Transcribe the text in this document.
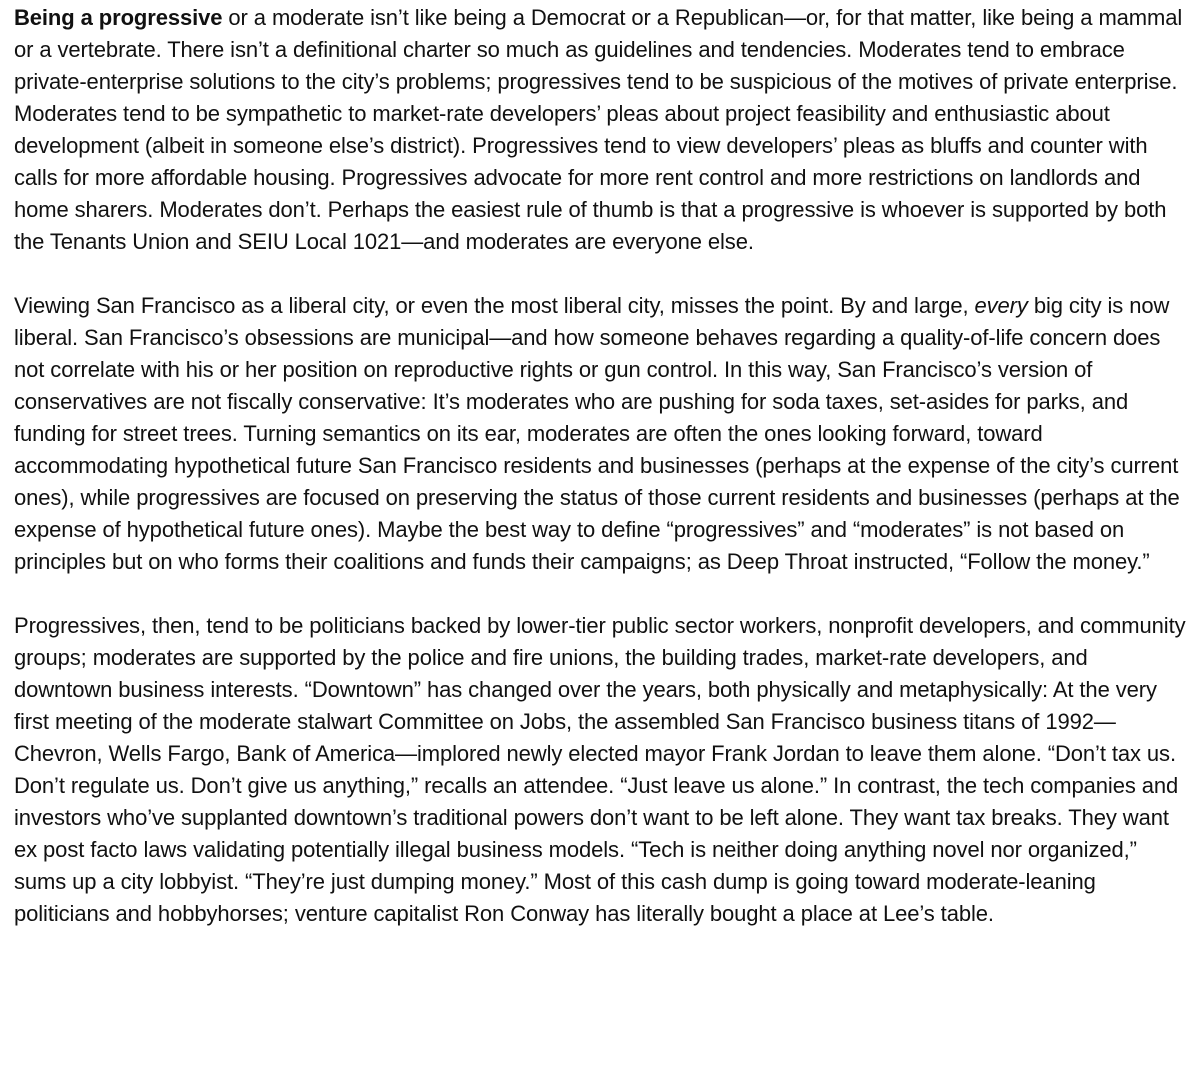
Being a progressive or a moderate isn’t like being a Democrat or a Republican—or, for that matter, like being a mammal or a vertebrate. There isn’t a definitional charter so much as guidelines and tendencies. Moderates tend to embrace private-enterprise solutions to the city’s problems; progressives tend to be suspicious of the motives of private enterprise. Moderates tend to be sympathetic to market-rate developers’ pleas about project feasibility and enthusiastic about development (albeit in someone else’s district). Progressives tend to view developers’ pleas as bluffs and counter with calls for more affordable housing. Progressives advocate for more rent control and more restrictions on landlords and home sharers. Moderates don’t. Perhaps the easiest rule of thumb is that a progressive is whoever is supported by both the Tenants Union and SEIU Local 1021—and moderates are everyone else.

Viewing San Francisco as a liberal city, or even the most liberal city, misses the point. By and large, every big city is now liberal. San Francisco’s obsessions are municipal—and how someone behaves regarding a quality-of-life concern does not correlate with his or her position on reproductive rights or gun control. In this way, San Francisco’s version of conservatives are not fiscally conservative: It’s moderates who are pushing for soda taxes, set-asides for parks, and funding for street trees. Turning semantics on its ear, moderates are often the ones looking forward, toward accommodating hypothetical future San Francisco residents and businesses (perhaps at the expense of the city’s current ones), while progressives are focused on preserving the status of those current residents and businesses (perhaps at the expense of hypothetical future ones). Maybe the best way to define “progressives” and “moderates” is not based on principles but on who forms their coalitions and funds their campaigns; as Deep Throat instructed, “Follow the money.”

Progressives, then, tend to be politicians backed by lower-tier public sector workers, nonprofit developers, and community groups; moderates are supported by the police and fire unions, the building trades, market-rate developers, and downtown business interests. “Downtown” has changed over the years, both physically and metaphysically: At the very first meeting of the moderate stalwart Committee on Jobs, the assembled San Francisco business titans of 1992—Chevron, Wells Fargo, Bank of America—implored newly elected mayor Frank Jordan to leave them alone. “Don’t tax us. Don’t regulate us. Don’t give us anything,” recalls an attendee. “Just leave us alone.” In contrast, the tech companies and investors who’ve supplanted downtown’s traditional powers don’t want to be left alone. They want tax breaks. They want ex post facto laws validating potentially illegal business models. “Tech is neither doing anything novel nor organized,” sums up a city lobbyist. “They’re just dumping money.” Most of this cash dump is going toward moderate-leaning politicians and hobbyhorses; venture capitalist Ron Conway has literally bought a place at Lee’s table.
